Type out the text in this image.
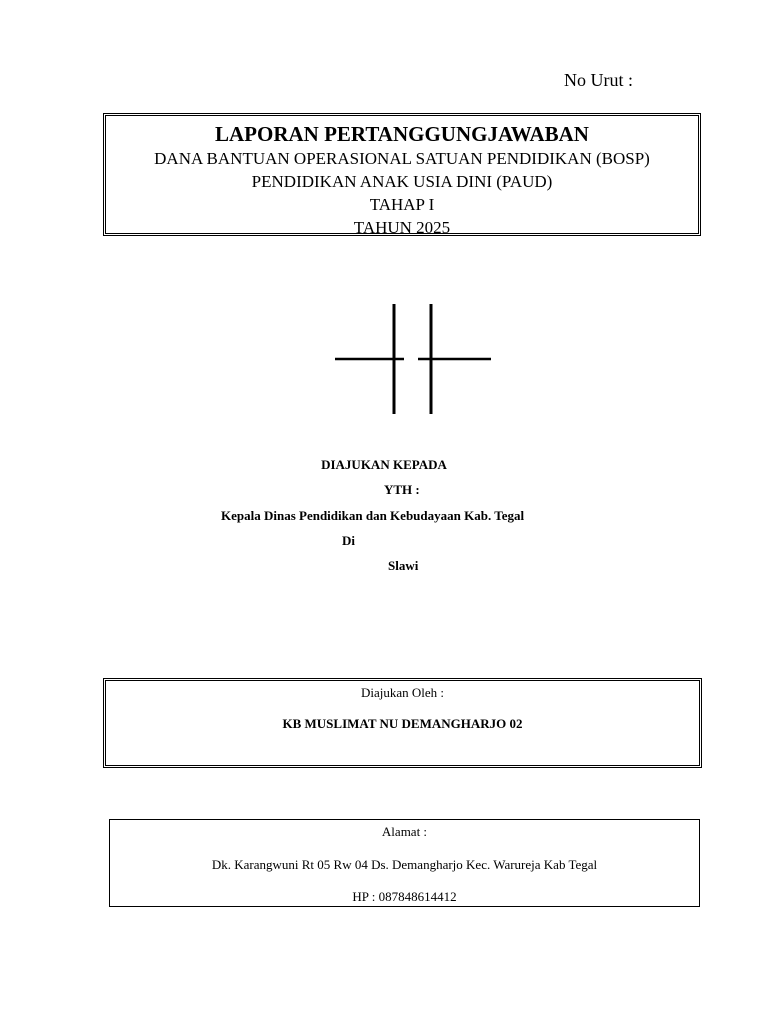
No Urut :
LAPORAN PERTANGGUNGJAWABAN
DANA BANTUAN OPERASIONAL SATUAN PENDIDIKAN (BOSP)
PENDIDIKAN ANAK USIA DINI (PAUD)
TAHAP I
TAHUN 2025
DIAJUKAN KEPADA
YTH :
Kepala Dinas Pendidikan dan Kebudayaan Kab. Tegal
Di
Slawi
Diajukan Oleh :
KB MUSLIMAT NU DEMANGHARJO 02
Alamat :
Dk. Karangwuni Rt 05 Rw 04 Ds. Demangharjo Kec. Warureja Kab Tegal
HP : 087848614412
